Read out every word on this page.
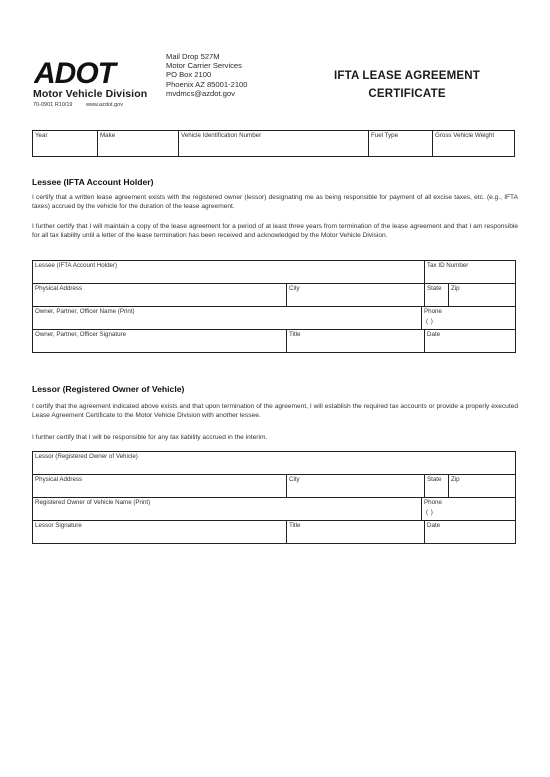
ADOT
Motor Vehicle Division
70-0901 R10/19 www.azdot.gov
Mail Drop 527M
Motor Carrier Services
PO Box 2100
Phoenix AZ 85001-2100
mvdmcs@azdot.gov
IFTA LEASE AGREEMENT
CERTIFICATE
Year	Make	Vehicle Identification Number	Fuel Type	Gross Vehicle Weight
Lessee (IFTA Account Holder)
I certify that a written lease agreement exists with the registered owner (lessor) designating me as being responsible for payment of all excise taxes, etc. (e.g., IFTA taxes) accrued by the vehicle for the duration of the lease agreement.
I further certify that I will maintain a copy of the lease agreement for a period of at least three years from termination of the lease agreement and that I am responsible for all tax liability until a letter of the lease termination has been received and acknowledged by the Motor Vehicle Division.
Lessee (IFTA Account Holder)			Tax ID Number	
Physical Address	City		State	Zip
Owner, Partner, Officer Name (Print)		Phone
( )		

Owner, Partner, Officer Signature	Title		Date	
Lessor (Registered Owner of Vehicle)
I certify that the agreement indicated above exists and that upon termination of the agreement, I will establish the required tax accounts or provide a properly executed Lease Agreement Certificate to the Motor Vehicle Division with another lessee.
I further certify that I will be responsible for any tax liability accrued in the interim.
Lessor (Registered Owner of Vehicle)				
Physical Address	City		State	Zip
Registered Owner of Vehicle Name (Print)		Phone
( )		

Lessor Signature	Title		Date	
